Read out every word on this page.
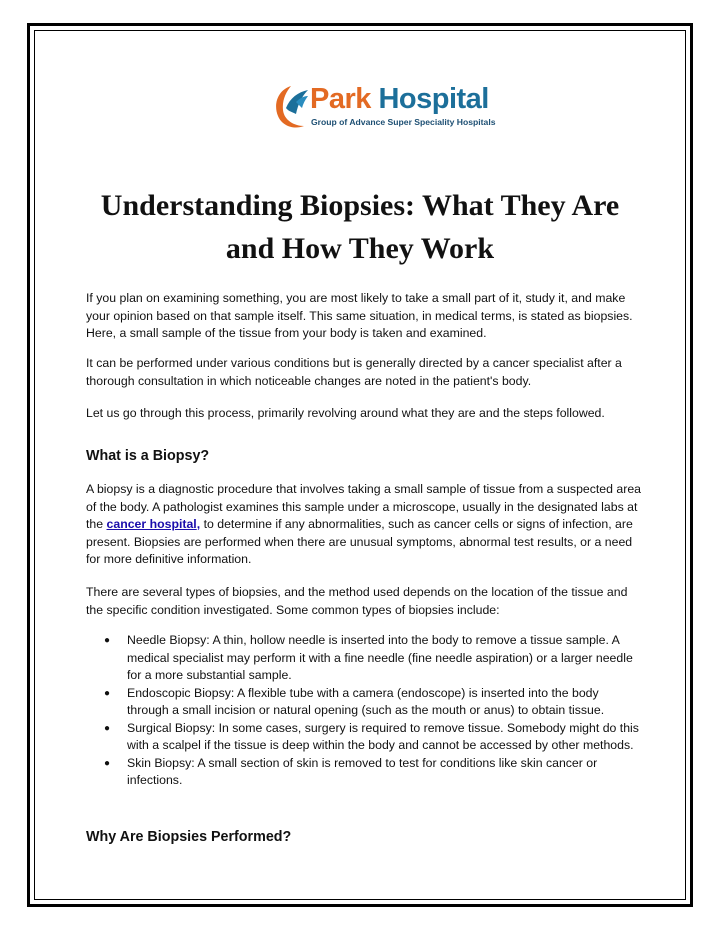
Park Hospital
Group of Advance Super Speciality Hospitals
Understanding Biopsies: What They Are
and How They Work

If you plan on examining something, you are most likely to take a small part of it, study it, and make your opinion based on that sample itself. This same situation, in medical terms, is stated as biopsies. Here, a small sample of the tissue from your body is taken and examined.

It can be performed under various conditions but is generally directed by a cancer specialist after a thorough consultation in which noticeable changes are noted in the patient's body.

Let us go through this process, primarily revolving around what they are and the steps followed.

What is a Biopsy?

A biopsy is a diagnostic procedure that involves taking a small sample of tissue from a suspected area of the body. A pathologist examines this sample under a microscope, usually in the designated labs at the cancer hospital, to determine if any abnormalities, such as cancer cells or signs of infection, are present. Biopsies are performed when there are unusual symptoms, abnormal test results, or a need for more definitive information.

There are several types of biopsies, and the method used depends on the location of the tissue and the specific condition investigated. Some common types of biopsies include:

● Needle Biopsy: A thin, hollow needle is inserted into the body to remove a tissue sample. A medical specialist may perform it with a fine needle (fine needle aspiration) or a larger needle for a more substantial sample.
● Endoscopic Biopsy: A flexible tube with a camera (endoscope) is inserted into the body through a small incision or natural opening (such as the mouth or anus) to obtain tissue.
● Surgical Biopsy: In some cases, surgery is required to remove tissue. Somebody might do this with a scalpel if the tissue is deep within the body and cannot be accessed by other methods.
● Skin Biopsy: A small section of skin is removed to test for conditions like skin cancer or infections.
Why Are Biopsies Performed?
